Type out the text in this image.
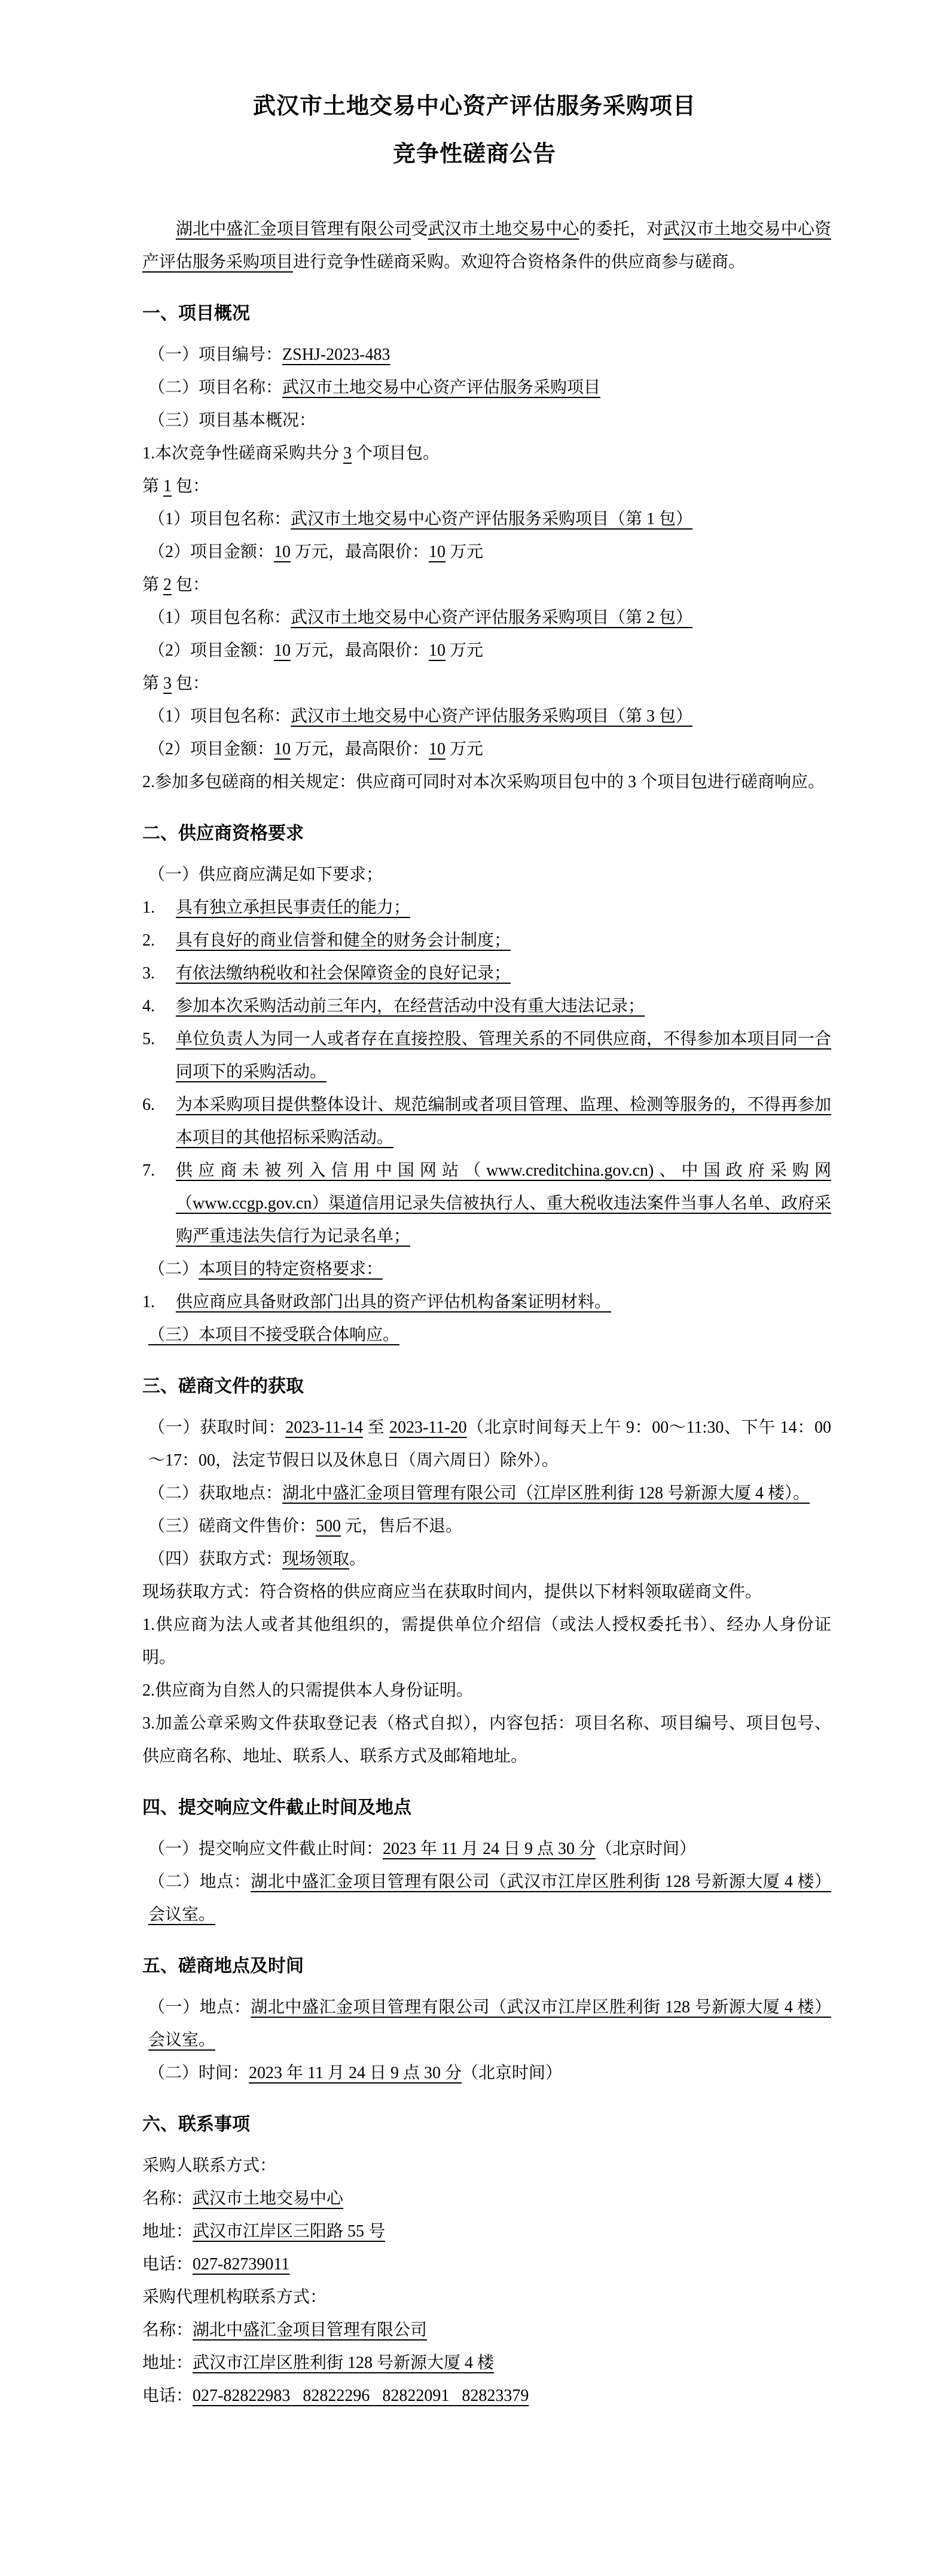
武汉市土地交易中心资产评估服务采购项目
竞争性磋商公告

湖北中盛汇金项目管理有限公司受武汉市土地交易中心的委托，对武汉市土地交易中心资产评估服务采购项目进行竞争性磋商采购。欢迎符合资格条件的供应商参与磋商。

一、项目概况

（一）项目编号：ZSHJ-2023-483

（二）项目名称：武汉市土地交易中心资产评估服务采购项目

（三）项目基本概况：

1.本次竞争性磋商采购共分 3 个项目包。

第 1 包：

（1）项目包名称：武汉市土地交易中心资产评估服务采购项目（第 1 包）

（2）项目金额：10 万元，最高限价：10 万元

第 2 包：

（1）项目包名称：武汉市土地交易中心资产评估服务采购项目（第 2 包）

（2）项目金额：10 万元，最高限价：10 万元

第 3 包：

（1）项目包名称：武汉市土地交易中心资产评估服务采购项目（第 3 包）

（2）项目金额：10 万元，最高限价：10 万元

2.参加多包磋商的相关规定：供应商可同时对本次采购项目包中的 3 个项目包进行磋商响应。

二、供应商资格要求

（一）供应商应满足如下要求；

1. 具有独立承担民事责任的能力；

2. 具有良好的商业信誉和健全的财务会计制度；

3. 有依法缴纳税收和社会保障资金的良好记录；

4. 参加本次采购活动前三年内，在经营活动中没有重大违法记录；

5. 单位负责人为同一人或者存在直接控股、管理关系的不同供应商，不得参加本项目同一合同项下的采购活动。

6. 为本采购项目提供整体设计、规范编制或者项目管理、监理、检测等服务的，不得再参加本项目的其他招标采购活动。

7. 供应商未被列入信用中国网站（www.creditchina.gov.cn)、中国政府采购网（www.ccgp.gov.cn）渠道信用记录失信被执行人、重大税收违法案件当事人名单、政府采购严重违法失信行为记录名单；

（二）本项目的特定资格要求：

1. 供应商应具备财政部门出具的资产评估机构备案证明材料。

（三）本项目不接受联合体响应。

三、磋商文件的获取

（一）获取时间：2023-11-14 至 2023-11-20（北京时间每天上午 9：00～11:30、下午 14：00～17：00，法定节假日以及休息日（周六周日）除外）。

（二）获取地点：湖北中盛汇金项目管理有限公司（江岸区胜利街 128 号新源大厦 4 楼）。

（三）磋商文件售价：500 元，售后不退。

（四）获取方式：现场领取。

现场获取方式：符合资格的供应商应当在获取时间内，提供以下材料领取磋商文件。

1.供应商为法人或者其他组织的，需提供单位介绍信（或法人授权委托书）、经办人身份证明。

2.供应商为自然人的只需提供本人身份证明。

3.加盖公章采购文件获取登记表（格式自拟），内容包括：项目名称、项目编号、项目包号、供应商名称、地址、联系人、联系方式及邮箱地址。

四、提交响应文件截止时间及地点

（一）提交响应文件截止时间：2023 年 11 月 24 日 9 点 30 分（北京时间）

（二）地点：湖北中盛汇金项目管理有限公司（武汉市江岸区胜利街 128 号新源大厦 4 楼）会议室。

五、磋商地点及时间

（一）地点：湖北中盛汇金项目管理有限公司（武汉市江岸区胜利街 128 号新源大厦 4 楼）会议室。

（二）时间：2023 年 11 月 24 日 9 点 30 分（北京时间）

六、联系事项

采购人联系方式：

名称：武汉市土地交易中心

地址：武汉市江岸区三阳路 55 号

电话：027-82739011

采购代理机构联系方式：

名称：湖北中盛汇金项目管理有限公司

地址：武汉市江岸区胜利街 128 号新源大厦 4 楼

电话：027-82822983   82822296   82822091   82823379
